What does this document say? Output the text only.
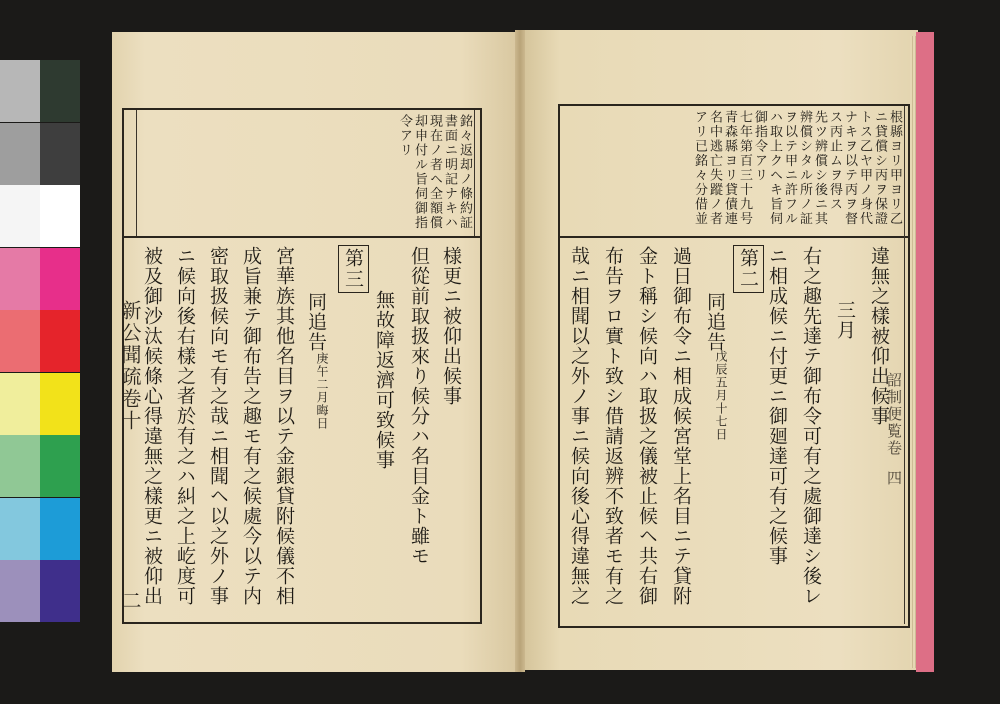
銘々返却ノ條約証
書面ニ明記ナキハ
現在ノ者ヘ全額償
却申付ル旨伺御指
令アリ
様更ニ被仰出候事
但從前取扱來り候分ハ名目金ト雖モ
無故障返濟可致候事
第三
同追告
庚午二月晦日
宮華族其他名目ヲ以テ金銀貸附候儀不相
成旨兼テ御布告之趣モ有之候處今以テ内
密取扱候向モ有之哉ニ相聞ヘ以之外ノ事
ニ候向後右樣之者於有之ハ糾之上屹度可
被及御沙汰候條心得違無之樣更ニ被仰出
新公聞疏卷十
二
根縣ヨリ甲ヨリ乙
ニ貸償シ丙ヲ保證
トス乙ヤ甲ノ身代
ナキヲ以テ丙ヲ督
ス丙止ムヲ得ス
先ツ辨償シ後ニ其
辨償シタル所ノ証
ヲ以テ甲ニ許フル
ハ取上クヘキ旨伺
御指令アリ
七年第百三十九号
青森縣ヨリ貸債連
名中逃亡失蹤ノ者
アリ已銘々分借並
違無之樣被仰出候事
三月
右之趣先達テ御布令可有之處御達シ後レ
ニ相成候ニ付更ニ御廻達可有之候事
第二
同追告
戊辰五月十七日
過日御布令ニ相成候宮堂上名目ニテ貸附
金ト稱シ候向ハ取扱之儀被止候ヘ共右御
布告ヲロ實ト致シ借請返辨不致者モ有之
哉ニ相聞以之外ノ事ニ候向後心得違無之	詔制便覧卷
四
